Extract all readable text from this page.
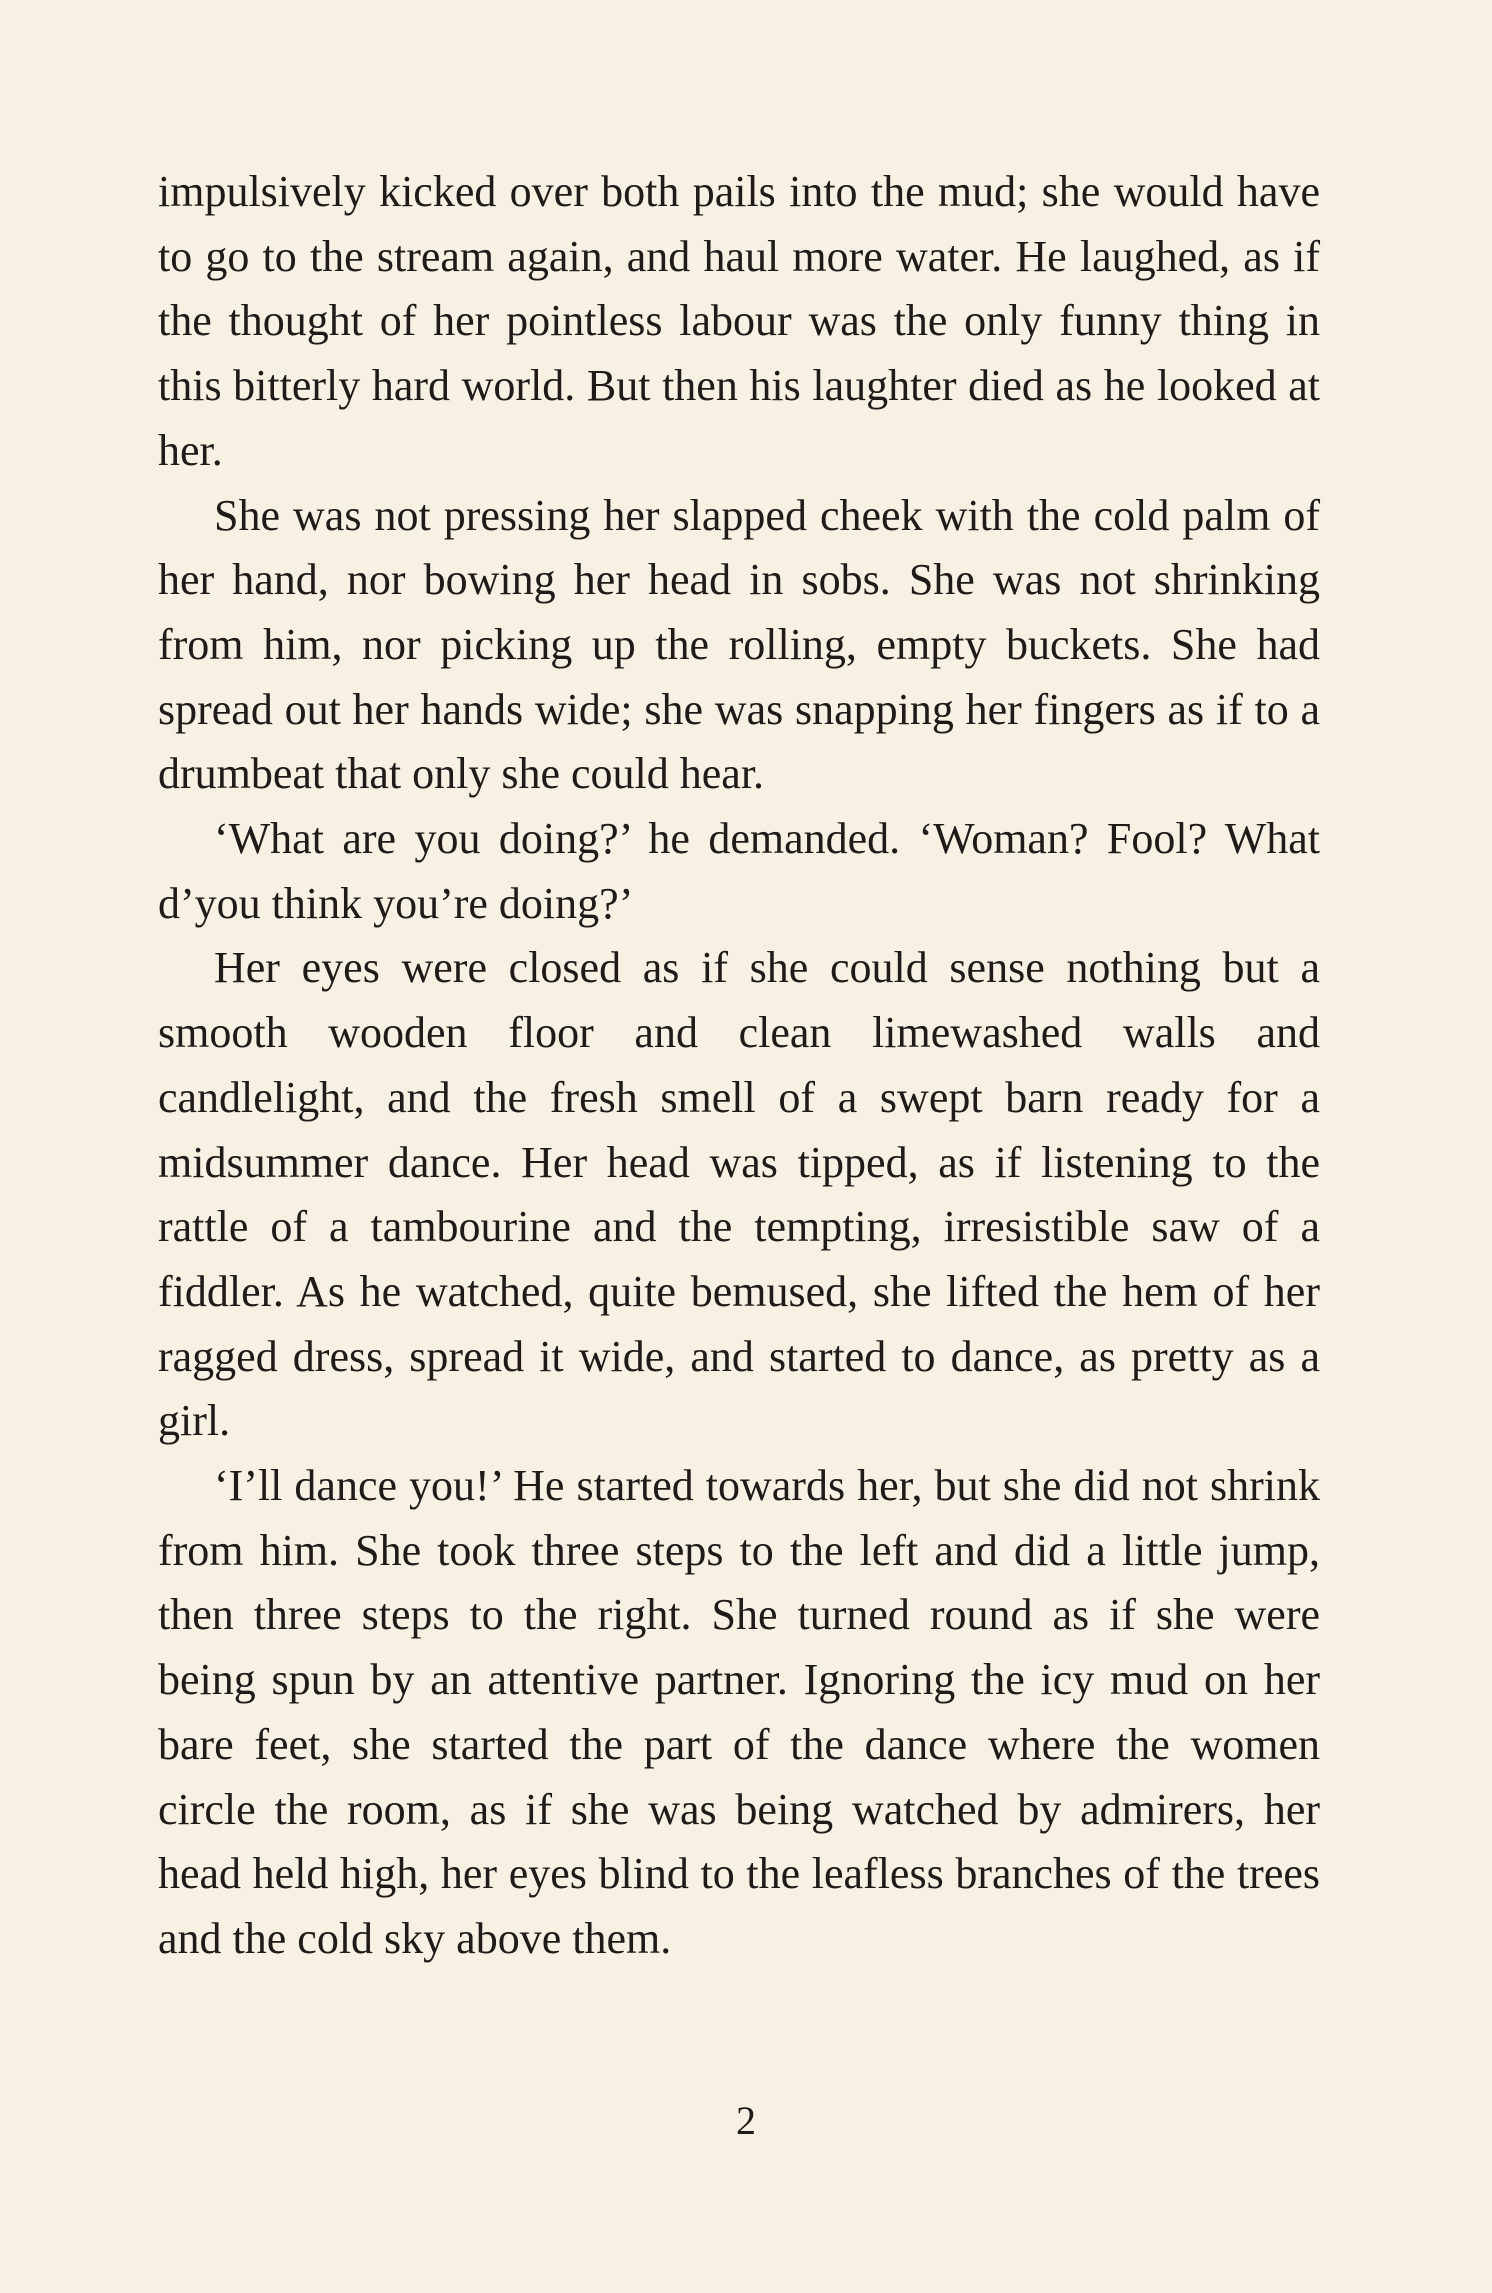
impulsively kicked over both pails into the mud; she would have to go to the stream again, and haul more water. He laughed, as if the thought of her pointless labour was the only funny thing in this bitterly hard world. But then his laughter died as he looked at her.

She was not pressing her slapped cheek with the cold palm of her hand, nor bowing her head in sobs. She was not shrinking from him, nor picking up the rolling, empty buckets. She had spread out her hands wide; she was snapping her fingers as if to a drumbeat that only she could hear.

‘What are you doing?’ he demanded. ‘Woman? Fool? What d’you think you’re doing?’

Her eyes were closed as if she could sense nothing but a smooth wooden floor and clean limewashed walls and candlelight, and the fresh smell of a swept barn ready for a midsummer dance. Her head was tipped, as if listening to the rattle of a tambourine and the tempting, irresistible saw of a fiddler. As he watched, quite bemused, she lifted the hem of her ragged dress, spread it wide, and started to dance, as pretty as a girl.

‘I’ll dance you!’ He started towards her, but she did not shrink from him. She took three steps to the left and did a little jump, then three steps to the right. She turned round as if she were being spun by an attentive partner. Ignoring the icy mud on her bare feet, she started the part of the dance where the women circle the room, as if she was being watched by admirers, her head held high, her eyes blind to the leafless branches of the trees and the cold sky above them.

2
